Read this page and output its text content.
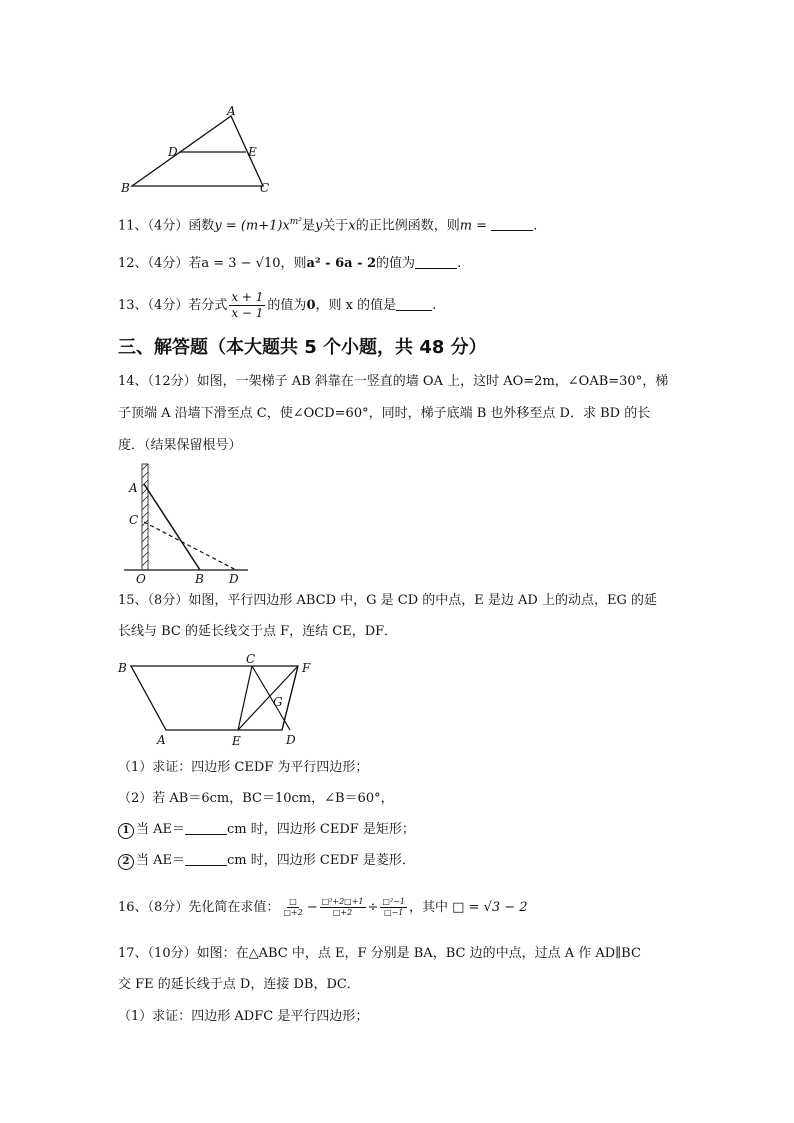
A
D	E
B	C
11、（4分）函数$y = (m+1)x^{m^2}$是y关于x的正比例函数，则m =	.
12、（4分）若a = 3 − √10，则a² - 6a - 2的值为	.
13、（4分）若分式 $\frac{x + 1}{x - 1}$ 的值为0，则 x 的值是	.
三、解答题（本大题共 5 个小题，共 48 分）
14、（12分）如图，一架梯子 AB 斜靠在一竖直的墙 OA 上，这时 AO=2m，∠OAB=30°，梯
子顶端 A 沿墙下滑至点 C，使∠OCD=60°，同时，梯子底端 B 也外移至点 D．求 BD 的长
度．（结果保留根号）
A
C
O	B D
15、（8分）如图，平行四边形 ABCD 中，G 是 CD 的中点，E 是边 AD 上的动点，EG 的延
长线与 BC 的延长线交于点 F，连结 CE，DF．
B
C
F
G
A	E	D
（1）求证：四边形 CEDF 为平行四边形；
（2）若 AB＝6cm，BC＝10cm，∠B＝60°，
1 当 AE＝	cm 时，四边形 CEDF 是矩形；
2 当 AE＝	cm 时，四边形 CEDF 是菱形．
16、（8分）先化简在求值： $\frac{□}{□+2} - \frac{\text{□²+2□+1}}{□+2} \div \frac{\text{□²−1}}{□-1}$ ，其中 □ = √3 − 2
17、（10分）如图：在△ABC 中，点 E，F 分别是 BA，BC 边的中点，过点 A 作 AD∥BC
交 FE 的延长线于点 D，连接 DB，DC．
（1）求证：四边形 ADFC 是平行四边形；
